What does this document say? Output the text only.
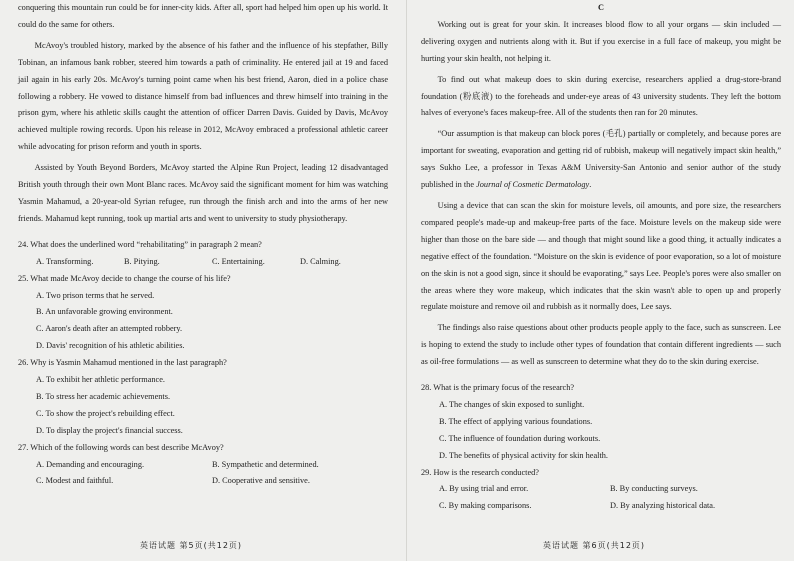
conquering this mountain run could be for inner-city kids. After all, sport had helped him open up his world. It could do the same for others.

McAvoy's troubled history, marked by the absence of his father and the influence of his stepfather, Billy Tobinan, an infamous bank robber, steered him towards a path of criminality. He entered jail at 19 and faced jail again in his early 20s. McAvoy's turning point came when his best friend, Aaron, died in a police chase following a robbery. He vowed to distance himself from bad influences and threw himself into training in the prison gym, where his athletic skills caught the attention of officer Darren Davis. Guided by Davis, McAvoy achieved multiple rowing records. Upon his release in 2012, McAvoy embraced a professional athletic career while advocating for prison reform and youth in sports.

Assisted by Youth Beyond Borders, McAvoy started the Alpine Run Project, leading 12 disadvantaged British youth through their own Mont Blanc races. McAvoy said the significant moment for him was watching Yasmin Mahamud, a 20-year-old Syrian refugee, run through the finish arch and into the arms of her new friends. Mahamud kept running, took up martial arts and went to university to study physiotherapy.

24. What does the underlined word “rehabilitating” in paragraph 2 mean?

A. Transforming.	B. Pitying.	C. Entertaining.	D. Calming.

25. What made McAvoy decide to change the course of his life?

A. Two prison terms that he served.

B. An unfavorable growing environment.

C. Aaron's death after an attempted robbery.

D. Davis' recognition of his athletic abilities.

26. Why is Yasmin Mahamud mentioned in the last paragraph?

A. To exhibit her athletic performance.

B. To stress her academic achievements.

C. To show the project's rebuilding effect.

D. To display the project's financial success.

27. Which of the following words can best describe McAvoy?

A. Demanding and encouraging.	B. Sympathetic and determined.
C. Modest and faithful.	D. Cooperative and sensitive.
英语试题 第5页(共12页)

C

Working out is great for your skin. It increases blood flow to all your organs — skin included — delivering oxygen and nutrients along with it. But if you exercise in a full face of makeup, you might be hurting your skin health, not helping it.

To find out what makeup does to skin during exercise, researchers applied a drug-store-brand foundation (粉底液) to the foreheads and under-eye areas of 43 university students. They left the bottom halves of everyone's faces makeup-free. All of the students then ran for 20 minutes.

“Our assumption is that makeup can block pores (毛孔) partially or completely, and because pores are important for sweating, evaporation and getting rid of rubbish, makeup will negatively impact skin health,” says Sukho Lee, a professor in Texas A&M University-San Antonio and senior author of the study published in the Journal of Cosmetic Dermatology.

Using a device that can scan the skin for moisture levels, oil amounts, and pore size, the researchers compared people's made-up and makeup-free parts of the face. Moisture levels on the makeup side were higher than those on the bare side — and though that might sound like a good thing, it actually indicates a negative effect of the foundation. “Moisture on the skin is evidence of poor evaporation, so a lot of moisture on the skin is not a good sign, since it should be evaporating,” says Lee. People's pores were also smaller on the areas where they wore makeup, which indicates that the skin wasn't able to open up and properly regulate moisture and remove oil and rubbish as it normally does, Lee says.

The findings also raise questions about other products people apply to the face, such as sunscreen. Lee is hoping to extend the study to include other types of foundation that contain different ingredients — such as oil-free formulations — as well as sunscreen to determine what they do to the skin during exercise.

28. What is the primary focus of the research?

A. The changes of skin exposed to sunlight.

B. The effect of applying various foundations.

C. The influence of foundation during workouts.

D. The benefits of physical activity for skin health.

29. How is the research conducted?

A. By using trial and error.	B. By conducting surveys.
C. By making comparisons.	D. By analyzing historical data.
英语试题 第6页(共12页)
